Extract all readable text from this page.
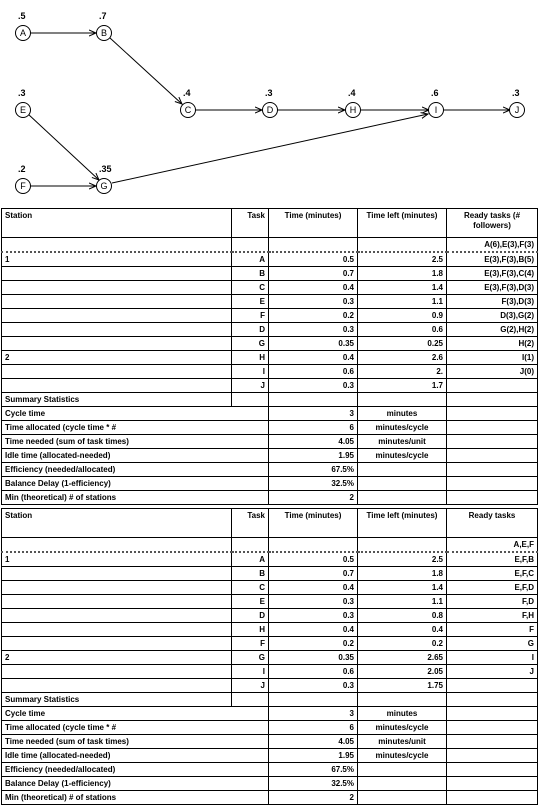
A
.5
B
.7
E
.3
C
.4
D
.3
H
.4
I
.6
J
.3
F
.2
G
.35
Station	Task	Time (minutes)	Time left (minutes)	Ready tasks (# followers)
				A(6),E(3),F(3)
1	A	0.5	2.5	E(3),F(3),B(5)
	B	0.7	1.8	E(3),F(3),C(4)
	C	0.4	1.4	E(3),F(3),D(3)
	E	0.3	1.1	F(3),D(3)
	F	0.2	0.9	D(3),G(2)
	D	0.3	0.6	G(2),H(2)
	G	0.35	0.25	H(2)
2	H	0.4	2.6	I(1)
	I	0.6	2.	J(0)
	J	0.3	1.7	
Summary Statistics				
Cycle time		3	minutes	
Time allocated (cycle time * #		6	minutes/cycle	
Time needed (sum of task times)		4.05	minutes/unit	
Idle time (allocated-needed)		1.95	minutes/cycle	
Efficiency (needed/allocated)		67.5%		
Balance Delay (1-efficiency)		32.5%		
Min (theoretical) # of stations		2		
Station	Task	Time (minutes)	Time left (minutes)	Ready tasks
				A,E,F
1	A	0.5	2.5	E,F,B
	B	0.7	1.8	E,F,C
	C	0.4	1.4	E,F,D
	E	0.3	1.1	F,D
	D	0.3	0.8	F,H
	H	0.4	0.4	F
	F	0.2	0.2	G
2	G	0.35	2.65	I
	I	0.6	2.05	J
	J	0.3	1.75	
Summary Statistics				
Cycle time		3	minutes	
Time allocated (cycle time * #		6	minutes/cycle	
Time needed (sum of task times)		4.05	minutes/unit	
Idle time (allocated-needed)		1.95	minutes/cycle	
Efficiency (needed/allocated)		67.5%		
Balance Delay (1-efficiency)		32.5%		
Min (theoretical) # of stations		2		
